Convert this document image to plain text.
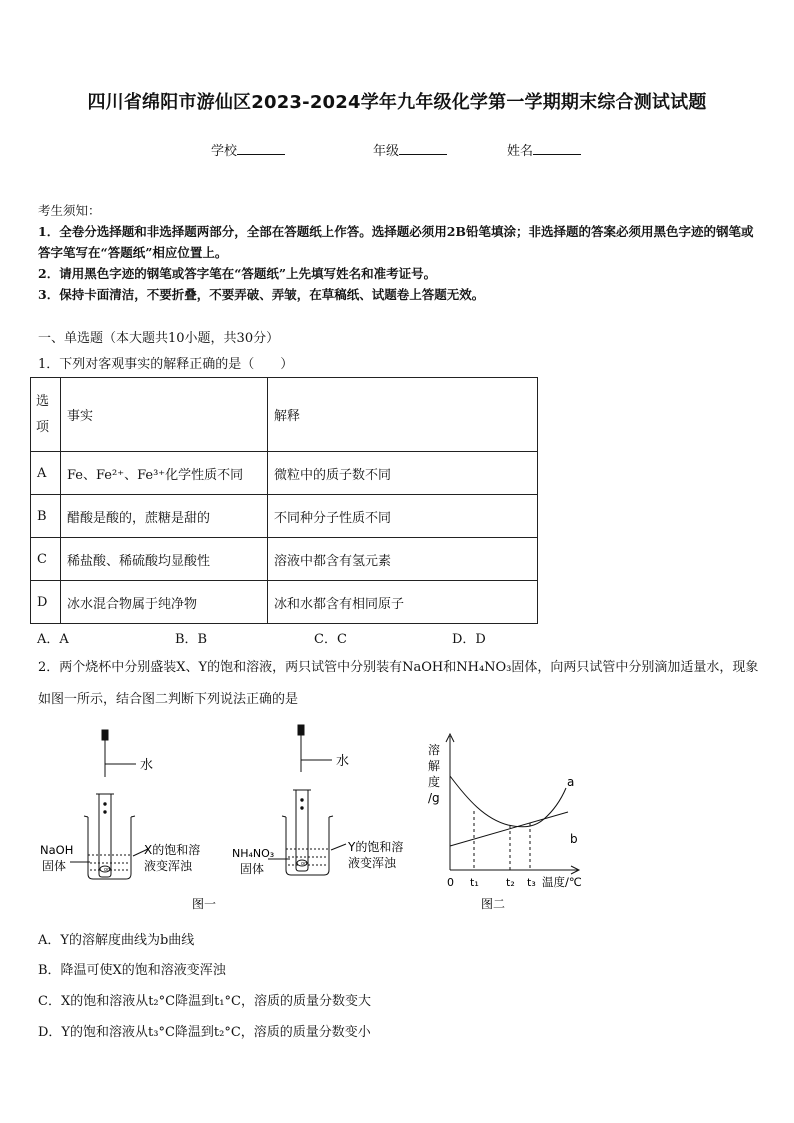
四川省绵阳市游仙区2023-2024学年九年级化学第一学期期末综合测试试题
学校	年级	姓名
考生须知：
1．全卷分选择题和非选择题两部分，全部在答题纸上作答。选择题必须用2B铅笔填涂；非选择题的答案必须用黑色字迹的钢笔或答字笔写在“答题纸”相应位置上。
2．请用黑色字迹的钢笔或答字笔在“答题纸”上先填写姓名和准考证号。
3．保持卡面清洁，不要折叠，不要弄破、弄皱，在草稿纸、试题卷上答题无效。
一、单选题（本大题共10小题，共30分）
1．下列对客观事实的解释正确的是（　　）
选项	事实	解释
A	Fe、Fe²⁺、Fe³⁺化学性质不同	微粒中的质子数不同
B	醋酸是酸的，蔗糖是甜的	不同种分子性质不同
C	稀盐酸、稀硫酸均显酸性	溶液中都含有氢元素
D	冰水混合物属于纯净物	冰和水都含有相同原子
A．A	B．B	C．C	D．D
2．两个烧杯中分别盛装X、Y的饱和溶液，两只试管中分别装有NaOH和NH₄NO₃固体，向两只试管中分别滴加适量水，现象如图一所示，结合图二判断下列说法正确的是
oo
水
NaOH
固体
X的饱和溶
液变浑浊	oo
水
NH₄NO₃
固体
Y的饱和溶
液变浑浊
图一
溶
解
度
/g
a
b
0 t₁ t₂ t₃ 温度/℃
图二
A．Y的溶解度曲线为b曲线
B．降温可使X的饱和溶液变浑浊
C．X的饱和溶液从t₂°C降温到t₁°C，溶质的质量分数变大
D．Y的饱和溶液从t₃°C降温到t₂°C，溶质的质量分数变小
